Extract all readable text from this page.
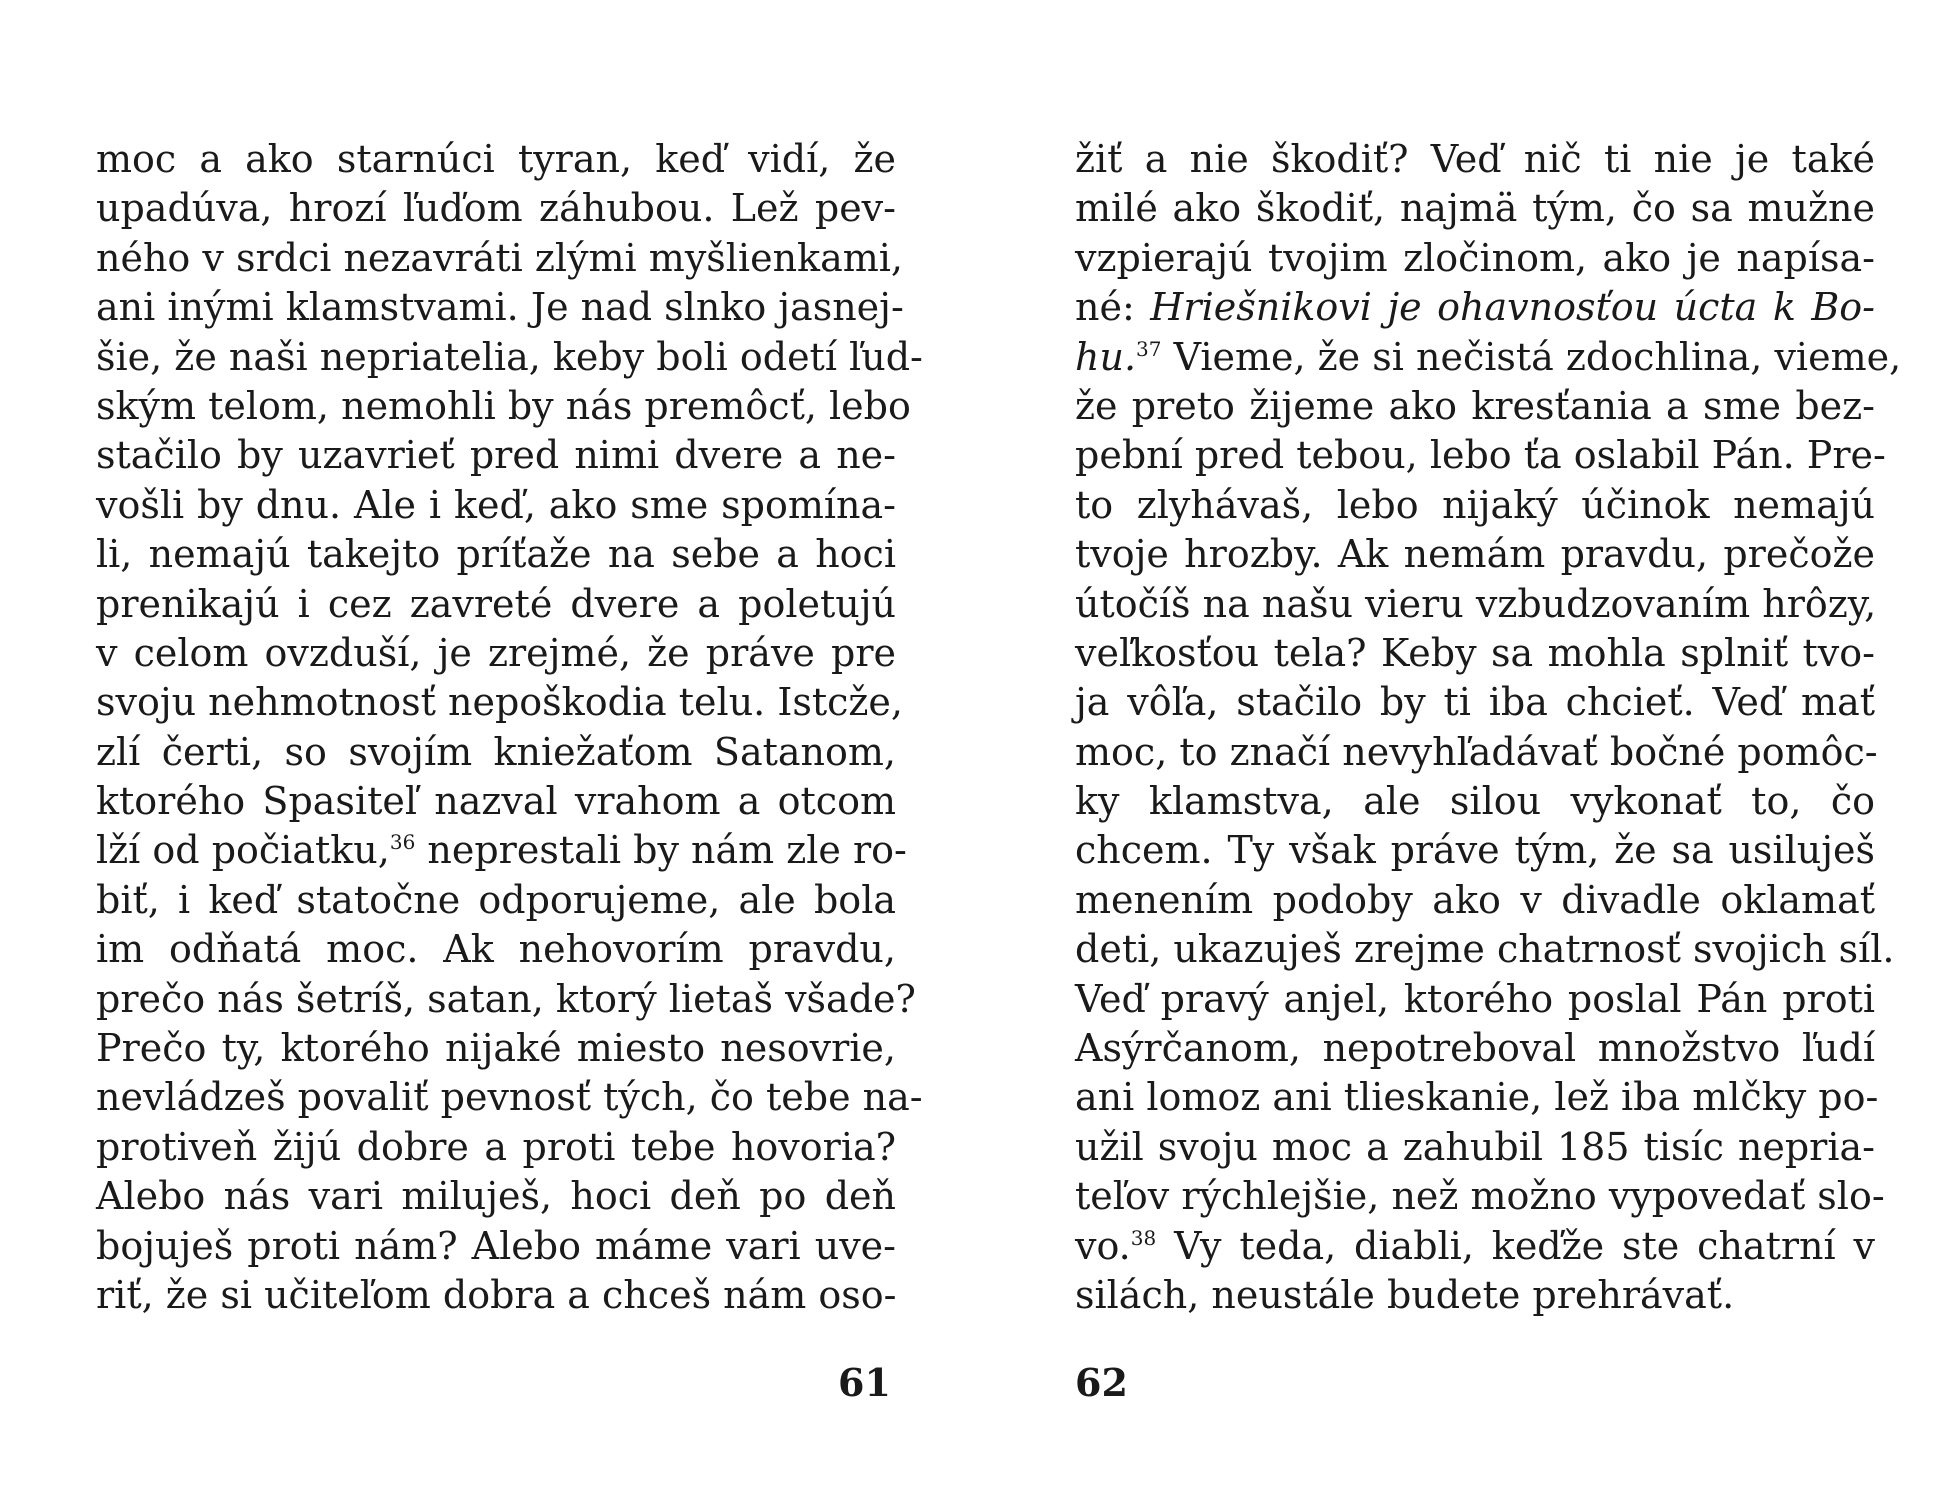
moc a ako starnúci tyran, keď vidí, že
upadúva, hrozí ľuďom záhubou. Lež pev-
ného v srdci nezavráti zlými myšlienkami,
ani inými klamstvami. Je nad slnko jasnej-
šie, že naši nepriatelia, keby boli odetí ľud-
ským telom, nemohli by nás premôcť, lebo
stačilo by uzavrieť pred nimi dvere a ne-
vošli by dnu. Ale i keď, ako sme spomína-
li, nemajú takejto príťaže na sebe a hoci
prenikajú i cez zavreté dvere a poletujú
v celom ovzduší, je zrejmé, že práve pre
svoju nehmotnosť nepoškodia telu. Istcže,
zlí čerti, so svojím kniežaťom Satanom,
ktorého Spasiteľ nazval vrahom a otcom
lží od počiatku,$^{36}$ neprestali by nám zle ro-
biť, i keď statočne odporujeme, ale bola
im odňatá moc. Ak nehovorím pravdu,
prečo nás šetríš, satan, ktorý lietaš všade?
Prečo ty, ktorého nijaké miesto nesovrie,
nevládzeš povaliť pevnosť tých, čo tebe na-
protiveň žijú dobre a proti tebe hovoria?
Alebo nás vari miluješ, hoci deň po deň
bojuješ proti nám? Alebo máme vari uve-
riť, že si učiteľom dobra a chceš nám oso-
61
žiť a nie škodiť? Veď nič ti nie je také
milé ako škodiť, najmä tým, čo sa mužne
vzpierajú tvojim zločinom, ako je napísa-
né: Hriešnikovi je ohavnosťou úcta k Bo-
hu.$^{37}$ Vieme, že si nečistá zdochlina, vieme,
že preto žijeme ako kresťania a sme bez-
pební pred tebou, lebo ťa oslabil Pán. Pre-
to zlyhávaš, lebo nijaký účinok nemajú
tvoje hrozby. Ak nemám pravdu, prečože
útočíš na našu vieru vzbudzovaním hrôzy,
veľkosťou tela? Keby sa mohla splniť tvo-
ja vôľa, stačilo by ti iba chcieť. Veď mať
moc, to značí nevyhľadávať bočné pomôc-
ky klamstva, ale silou vykonať to, čo
chcem. Ty však práve tým, že sa usiluješ
menením podoby ako v divadle oklamať
deti, ukazuješ zrejme chatrnosť svojich síl.
Veď pravý anjel, ktorého poslal Pán proti
Asýrčanom, nepotreboval množstvo ľudí
ani lomoz ani tlieskanie, lež iba mlčky po-
užil svoju moc a zahubil 185 tisíc nepria-
teľov rýchlejšie, než možno vypovedať slo-
vo.$^{38}$ Vy teda, diabli, keďže ste chatrní v
silách, neustále budete prehrávať.
62
